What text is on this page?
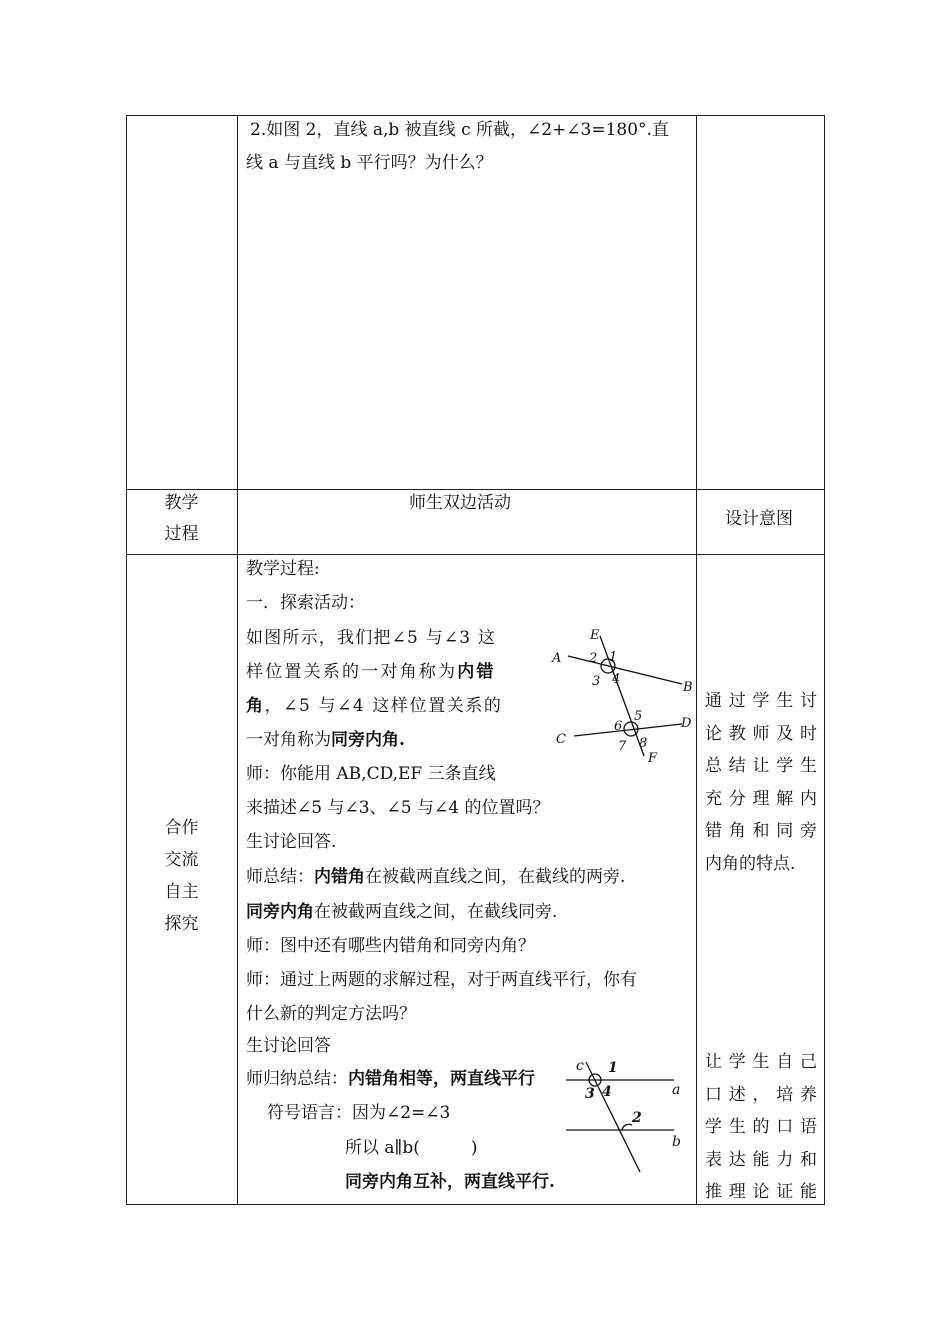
2.如图 2，直线 a,b 被直线 c 所截，∠2+∠3=180°.直
线 a 与直线 b 平行吗？为什么？
教学
过程
师生双边活动
设计意图
合作
交流
自主
探究
教学过程:
一．探索活动：
如图所示，我们把∠5 与∠3 这
样位置关系的一对角称为内错
角，∠5 与∠4 这样位置关系的
一对角称为同旁内角.
师：你能用 AB,CD,EF 三条直线
来描述∠5 与∠3、∠5 与∠4 的位置吗？
生讨论回答.
师总结：内错角在被截两直线之间，在截线的两旁.
同旁内角在被截两直线之间，在截线同旁.
师：图中还有哪些内错角和同旁内角？
师：通过上两题的求解过程，对于两直线平行，你有
什么新的判定方法吗？
生讨论回答
师归纳总结：内错角相等，两直线平行
符号语言：因为∠2=∠3
所以 a∥b(　　　)
同旁内角互补，两直线平行.
通过学生讨
论教师及时
总结让学生
充分理解内
错角和同旁
内角的特点.
让学生自己
口述，培养
学生的口语
表达能力和
推理论证能
E
A 2 1
3 4
B
5	D
6
C	8
7
F
c 1
a
3 4
2
b
